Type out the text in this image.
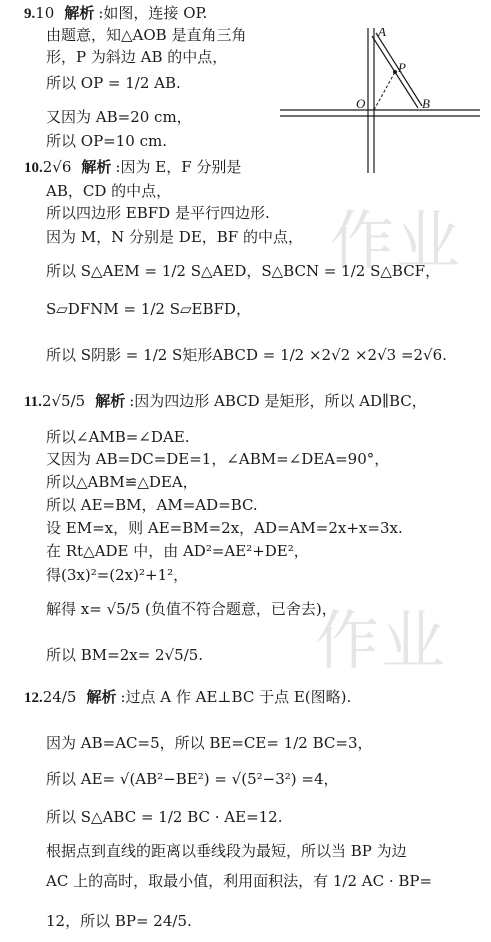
作业
作业
A
P
O	B
9.10 解析 :如图，连接 OP.
由题意，知△AOB 是直角三角
形，P 为斜边 AB 的中点，
所以 OP = 1/2 AB.
又因为 AB=20 cm，
所以 OP=10 cm.
10.2√6 解析 :因为 E，F 分别是
AB，CD 的中点，
所以四边形 EBFD 是平行四边形.
因为 M，N 分别是 DE，BF 的中点，
所以 S△AEM = 1/2 S△AED，S△BCN = 1/2 S△BCF，
S▱DFNM = 1/2 S▱EBFD，
所以 S阴影 = 1/2 S矩形ABCD = 1/2 ×2√2 ×2√3 =2√6.
11.2√5/5 解析 :因为四边形 ABCD 是矩形，所以 AD∥BC，
所以∠AMB=∠DAE.
又因为 AB=DC=DE=1，∠ABM=∠DEA=90°，
所以△ABM≌△DEA，
所以 AE=BM，AM=AD=BC.
设 EM=x，则 AE=BM=2x，AD=AM=2x+x=3x.
在 Rt△ADE 中，由 AD²=AE²+DE²，
得(3x)²=(2x)²+1²，
解得 x= √5/5 (负值不符合题意，已舍去)，
所以 BM=2x= 2√5/5.
12.24/5 解析 :过点 A 作 AE⊥BC 于点 E(图略).
因为 AB=AC=5，所以 BE=CE= 1/2 BC=3，
所以 AE= √(AB²−BE²) = √(5²−3²) =4，
所以 S△ABC = 1/2 BC · AE=12.
根据点到直线的距离以垂线段为最短，所以当 BP 为边
AC 上的高时，取最小值，利用面积法，有 1/2 AC · BP=
12，所以 BP= 24/5.
